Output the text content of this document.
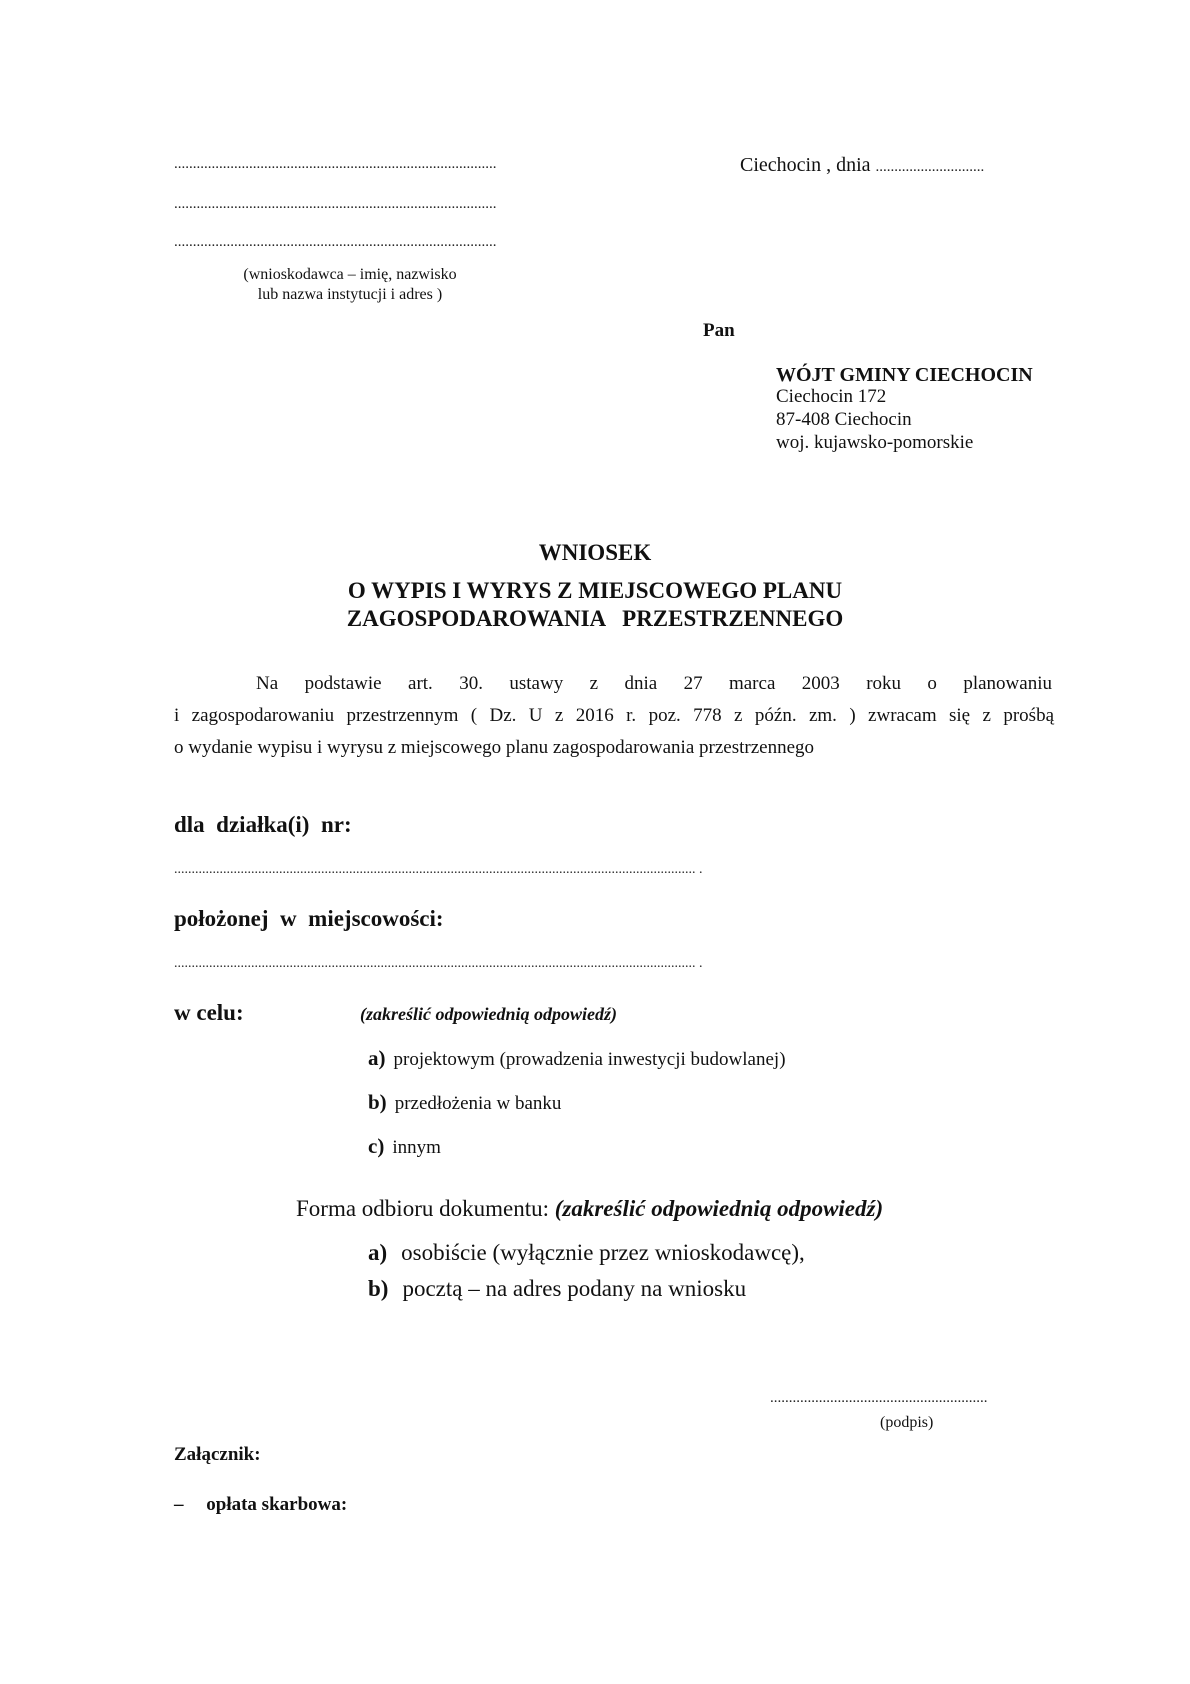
......................................................................................
......................................................................................
......................................................................................
(wnioskodawca – imię, nazwisko
lub nazwa instytucji i adres )
Ciechocin , dnia .............................
Pan
WÓJT GMINY CIECHOCIN
Ciechocin 172
87-408 Ciechocin
woj. kujawsko-pomorskie
WNIOSEK
O WYPIS I WYRYS Z MIEJSCOWEGO PLANU
ZAGOSPODAROWANIA   PRZESTRZENNEGO
Na podstawie art. 30. ustawy z dnia 27 marca 2003 roku o planowaniu
i zagospodarowaniu przestrzennym ( Dz. U z 2016 r. poz. 778 z późn. zm. ) zwracam się z prośbą
o wydanie wypisu i wyrysu z miejscowego planu zagospodarowania przestrzennego
dla  działka(i)  nr:
..................................................................................................................................................... .
położonej  w  miejscowości:
..................................................................................................................................................... .
w celu:	(zakreślić odpowiednią odpowiedź)
a) projektowym (prowadzenia inwestycji budowlanej)
b) przedłożenia w banku
c) innym
Forma odbioru dokumentu: (zakreślić odpowiednią odpowiedź)
a) osobiście (wyłącznie przez wnioskodawcę),
b) pocztą – na adres podany na wniosku
..........................................................
(podpis)
Załącznik:
– opłata skarbowa:
